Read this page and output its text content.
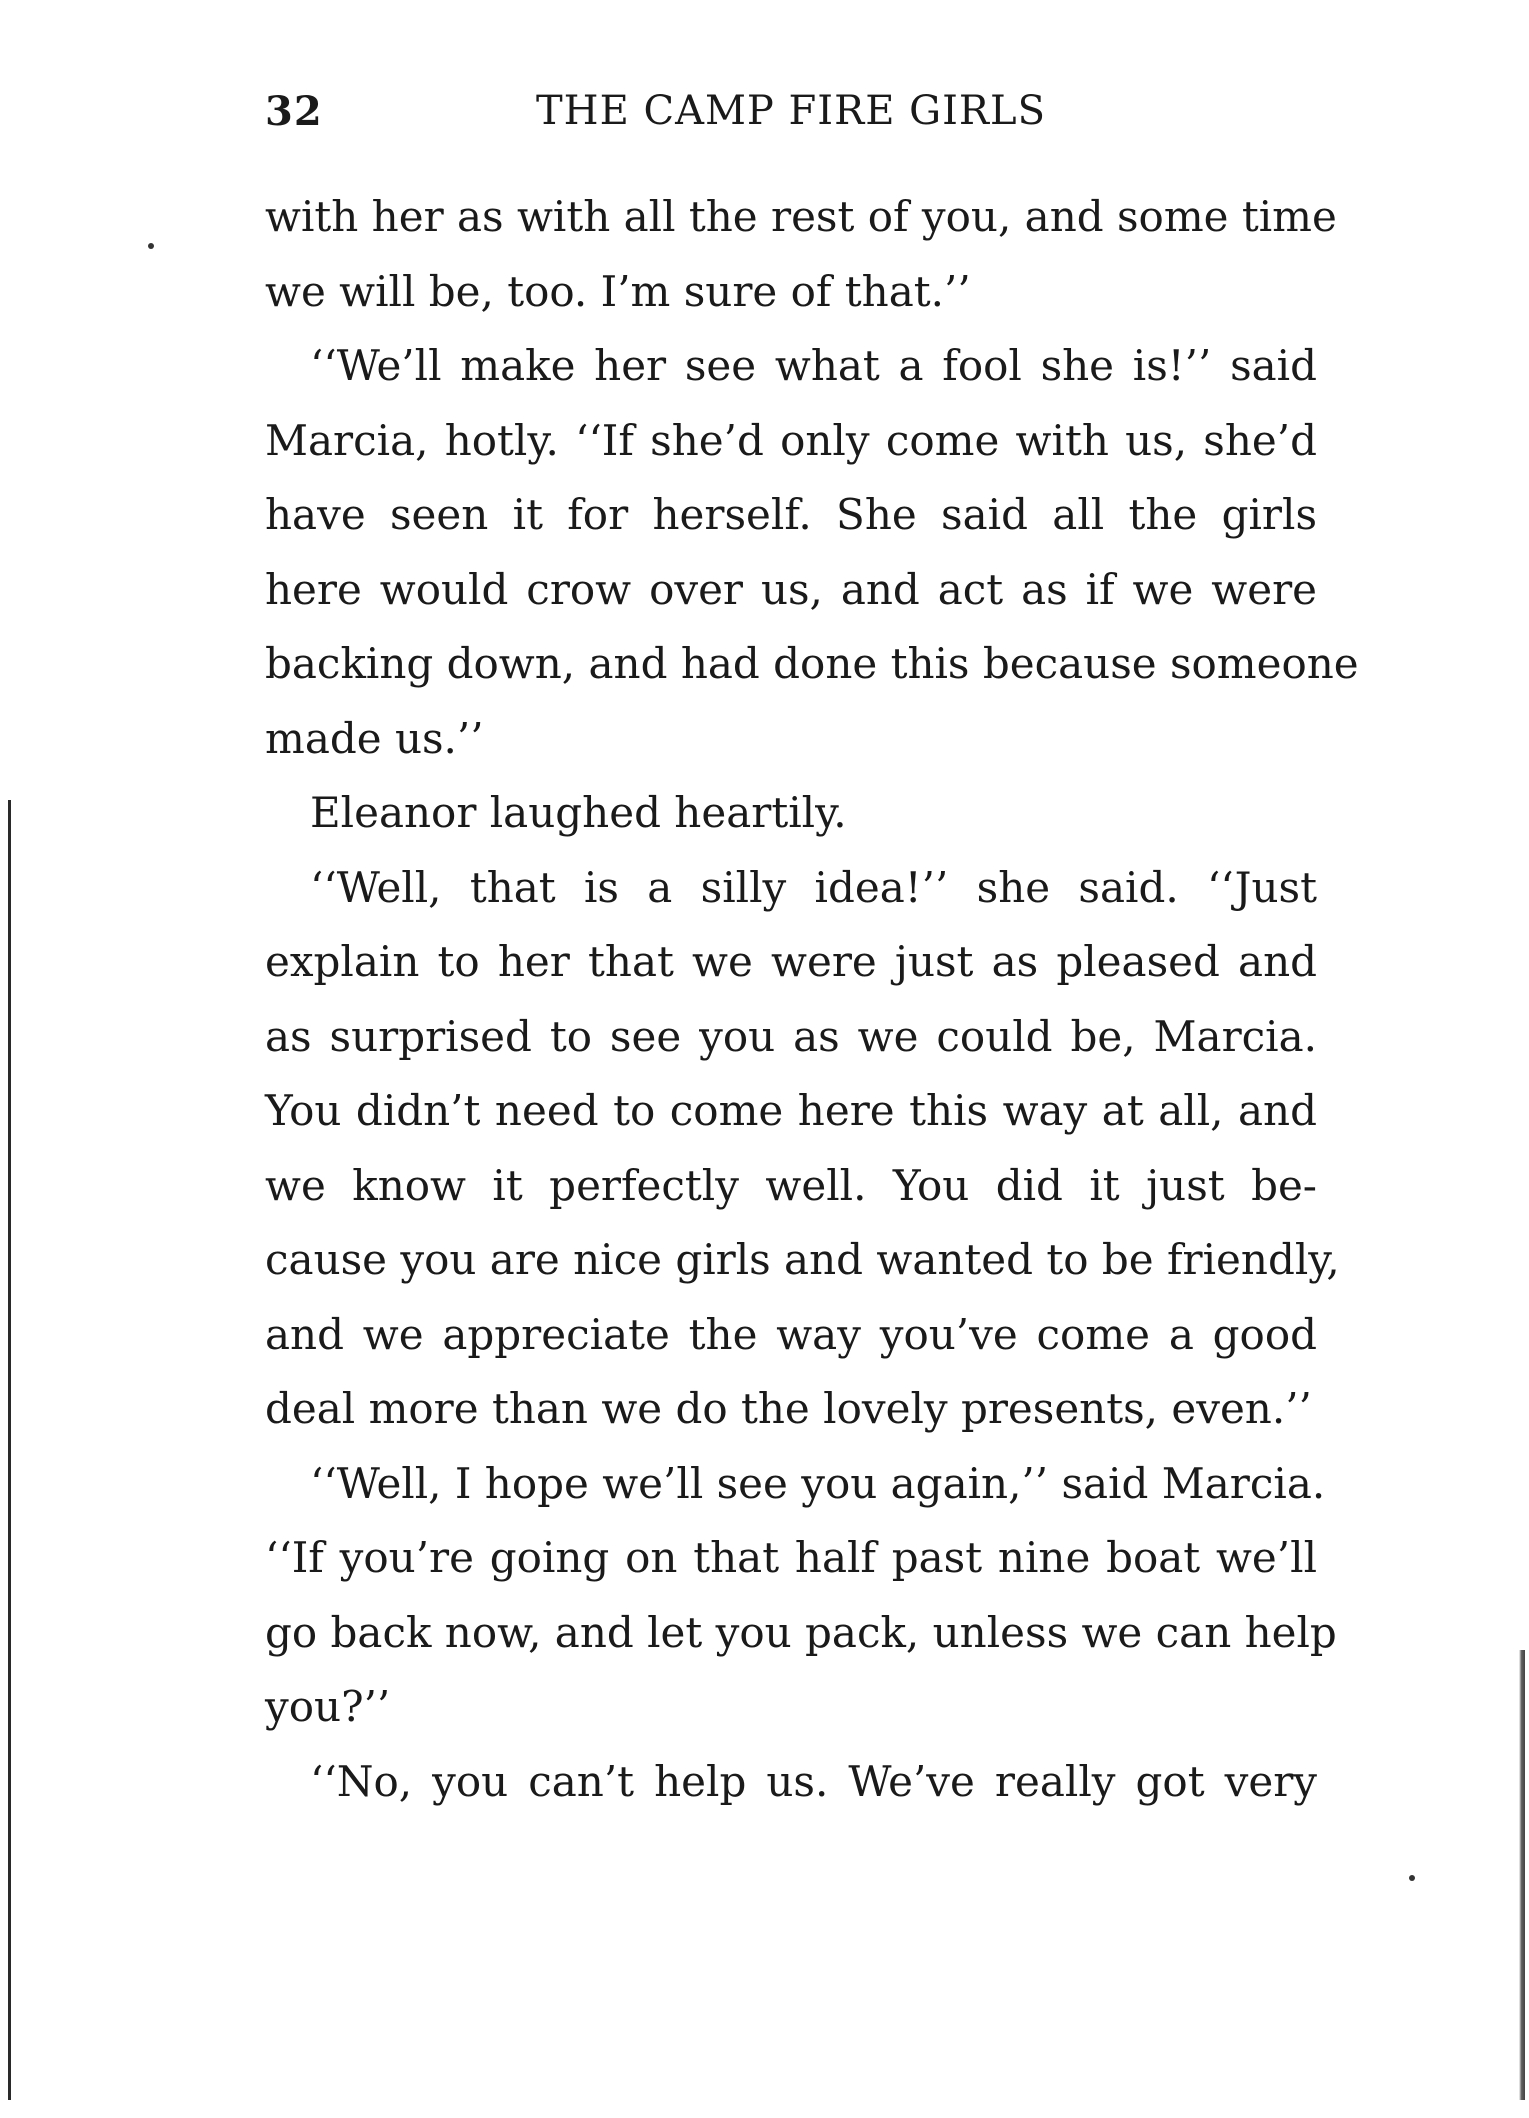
32	THE CAMP FIRE GIRLS
with her as with all the rest of you, and some time
we will be, too. I’m sure of that.’’
‘‘We’ll make her see what a fool she is!’’ said
Marcia, hotly. ‘‘If she’d only come with us, she’d
have seen it for herself. She said all the girls
here would crow over us, and act as if we were
backing down, and had done this because someone
made us.’’
Eleanor laughed heartily.
‘‘Well, that is a silly idea!’’ she said. ‘‘Just
explain to her that we were just as pleased and
as surprised to see you as we could be, Marcia.
You didn’t need to come here this way at all, and
we know it perfectly well. You did it just be-
cause you are nice girls and wanted to be friendly,
and we appreciate the way you’ve come a good
deal more than we do the lovely presents, even.’’
‘‘Well, I hope we’ll see you again,’’ said Marcia.
‘‘If you’re going on that half past nine boat we’ll
go back now, and let you pack, unless we can help
you?’’
‘‘No, you can’t help us. We’ve really got very
